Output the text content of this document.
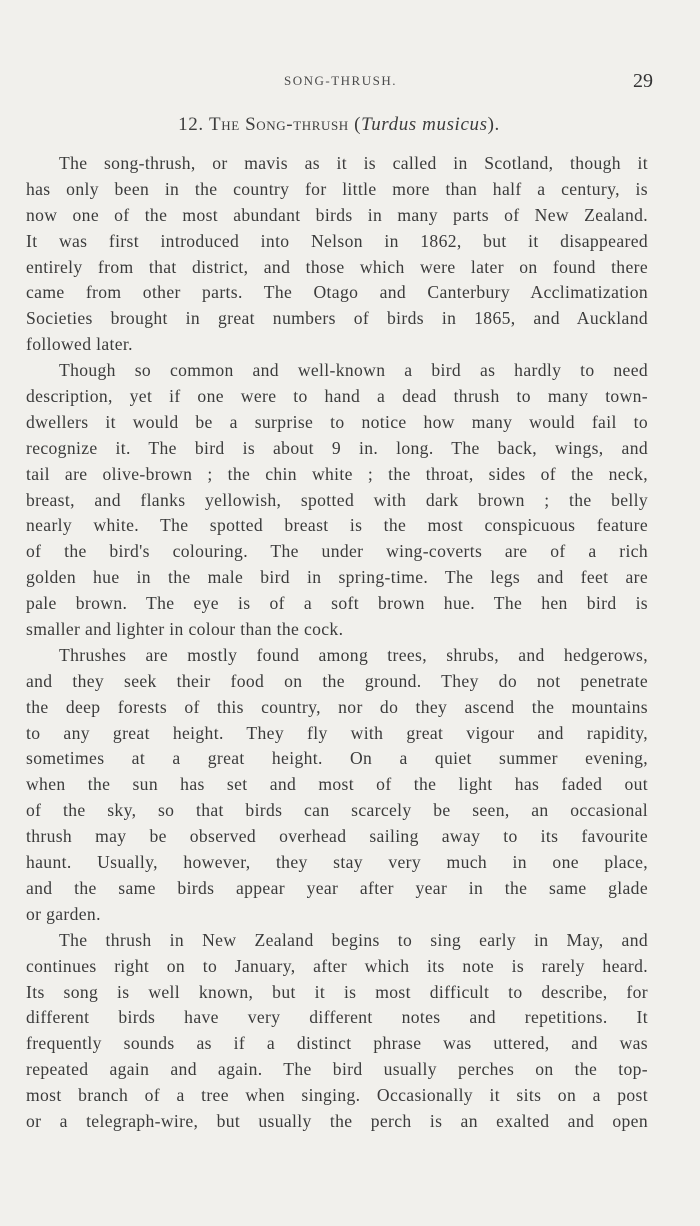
SONG-THRUSH.	29
12. The Song-thrush (Turdus musicus).
The song-thrush, or mavis as it is called in Scotland, though it
has only been in the country for little more than half a century, is
now one of the most abundant birds in many parts of New Zealand.
It was first introduced into Nelson in 1862, but it disappeared
entirely from that district, and those which were later on found there
came from other parts. The Otago and Canterbury Acclimatization
Societies brought in great numbers of birds in 1865, and Auckland
followed later.
Though so common and well-known a bird as hardly to need
description, yet if one were to hand a dead thrush to many town-
dwellers it would be a surprise to notice how many would fail to
recognize it. The bird is about 9 in. long. The back, wings, and
tail are olive-brown ; the chin white ; the throat, sides of the neck,
breast, and flanks yellowish, spotted with dark brown ; the belly
nearly white. The spotted breast is the most conspicuous feature
of the bird's colouring. The under wing-coverts are of a rich
golden hue in the male bird in spring-time. The legs and feet are
pale brown. The eye is of a soft brown hue. The hen bird is
smaller and lighter in colour than the cock.
Thrushes are mostly found among trees, shrubs, and hedgerows,
and they seek their food on the ground. They do not penetrate
the deep forests of this country, nor do they ascend the mountains
to any great height. They fly with great vigour and rapidity,
sometimes at a great height. On a quiet summer evening,
when the sun has set and most of the light has faded out
of the sky, so that birds can scarcely be seen, an occasional
thrush may be observed overhead sailing away to its favourite
haunt. Usually, however, they stay very much in one place,
and the same birds appear year after year in the same glade
or garden.
The thrush in New Zealand begins to sing early in May, and
continues right on to January, after which its note is rarely heard.
Its song is well known, but it is most difficult to describe, for
different birds have very different notes and repetitions. It
frequently sounds as if a distinct phrase was uttered, and was
repeated again and again. The bird usually perches on the top-
most branch of a tree when singing. Occasionally it sits on a post
or a telegraph-wire, but usually the perch is an exalted and open
